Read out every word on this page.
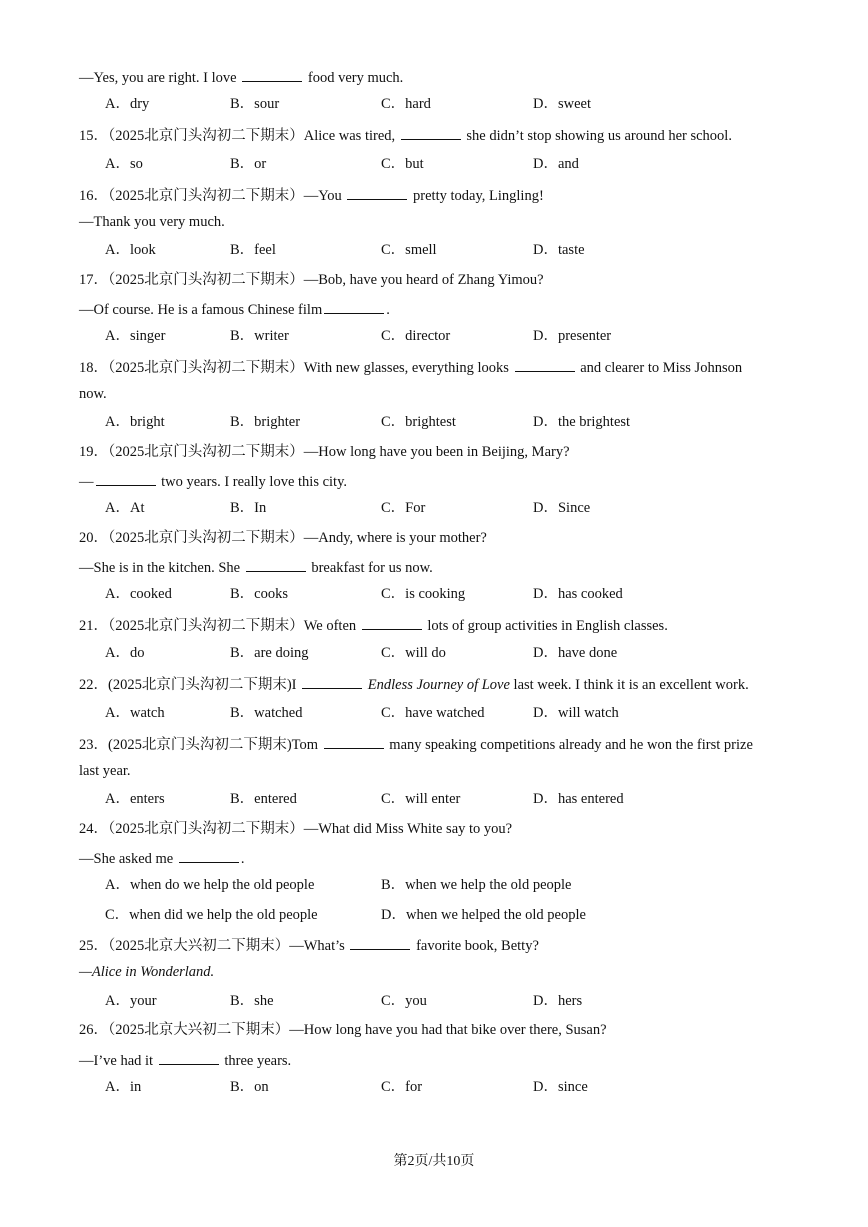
—Yes, you are right. I love	food very much.
A．dry	B．sour	C．hard	D．sweet
15．（2025北京门头沟初二下期末）Alice was tired,	she didn’t stop showing us around her school.
A．so	B．or	C．but	D．and
16．（2025北京门头沟初二下期末）—You	pretty today, Lingling!
—Thank you very much.
A．look	B．feel	C．smell	D．taste
17．（2025北京门头沟初二下期末）—Bob, have you heard of Zhang Yimou?
—Of course. He is a famous Chinese film	.
A．singer	B．writer	C．director	D．presenter
18．（2025北京门头沟初二下期末）With new glasses, everything looks	and clearer to Miss Johnson
now.
A．bright	B．brighter	C．brightest	D．the brightest
19．（2025北京门头沟初二下期末）—How long have you been in Beijing, Mary?
—	two years. I really love this city.
A．At	B．In	C．For	D．Since
20．（2025北京门头沟初二下期末）—Andy, where is your mother?
—She is in the kitchen. She	breakfast for us now.
A．cooked	B．cooks	C．is cooking	D．has cooked
21．（2025北京门头沟初二下期末）We often	lots of group activities in English classes.
A．do	B．are doing	C．will do	D．have done
22．(2025北京门头沟初二下期末)I	Endless Journey of Love last week. I think it is an excellent work.
A．watch	B．watched	C．have watched	D．will watch
23．(2025北京门头沟初二下期末)Tom	many speaking competitions already and he won the first prize
last year.
A．enters	B．entered	C．will enter	D．has entered
24．（2025北京门头沟初二下期末）—What did Miss White say to you?
—She asked me	.
A．when do we help the old people	B．when we help the old people
C．when did we help the old people	D．when we helped the old people
25．（2025北京大兴初二下期末）—What’s	favorite book, Betty?
—Alice in Wonderland.
A．your	B．she	C．you	D．hers
26．（2025北京大兴初二下期末）—How long have you had that bike over there, Susan?
—I’ve had it	three years.
A．in	B．on	C．for	D．since
第2页/共10页
